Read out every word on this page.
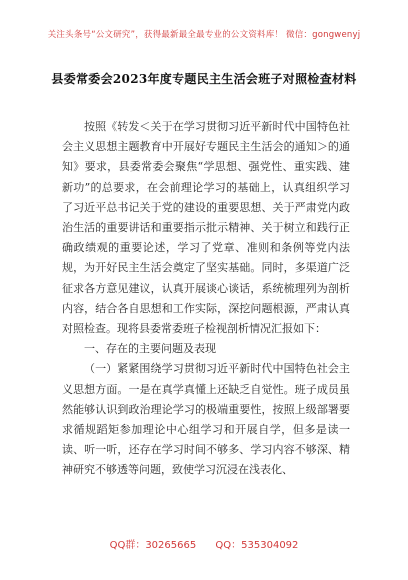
关注头条号“公文研究”，获得最新最全最专业的公文资料库！ 微信：gongwenyj
县委常委会2023年度专题民主生活会班子对照检查材料

按照《转发＜关于在学习贯彻习近平新时代中国特色社会主义思想主题教育中开展好专题民主生活会的通知＞的通知》要求，县委常委会聚焦“学思想、强党性、重实践、建新功”的总要求，在会前理论学习的基础上，认真组织学习了习近平总书记关于党的建设的重要思想、关于严肃党内政治生活的重要讲话和重要指示批示精神、关于树立和践行正确政绩观的重要论述，学习了党章、准则和条例等党内法规，为开好民主生活会奠定了坚实基础。同时，多渠道广泛征求各方意见建议，认真开展谈心谈话，系统梳理列为剖析内容，结合各自思想和工作实际，深挖问题根源，严肃认真对照检查。现将县委常委班子检视剖析情况汇报如下：

一、存在的主要问题及表现

（一）紧紧围绕学习贯彻习近平新时代中国特色社会主义思想方面。一是在真学真懂上还缺乏自觉性。班子成员虽然能够认识到政治理论学习的极端重要性，按照上级部署要求循规蹈矩参加理论中心组学习和开展自学，但多是读一读、听一听，还存在学习时间不够多、学习内容不够深、精神研究不够透等问题，致使学习沉浸在浅表化、

QQ群：30265665 QQ：535304092
